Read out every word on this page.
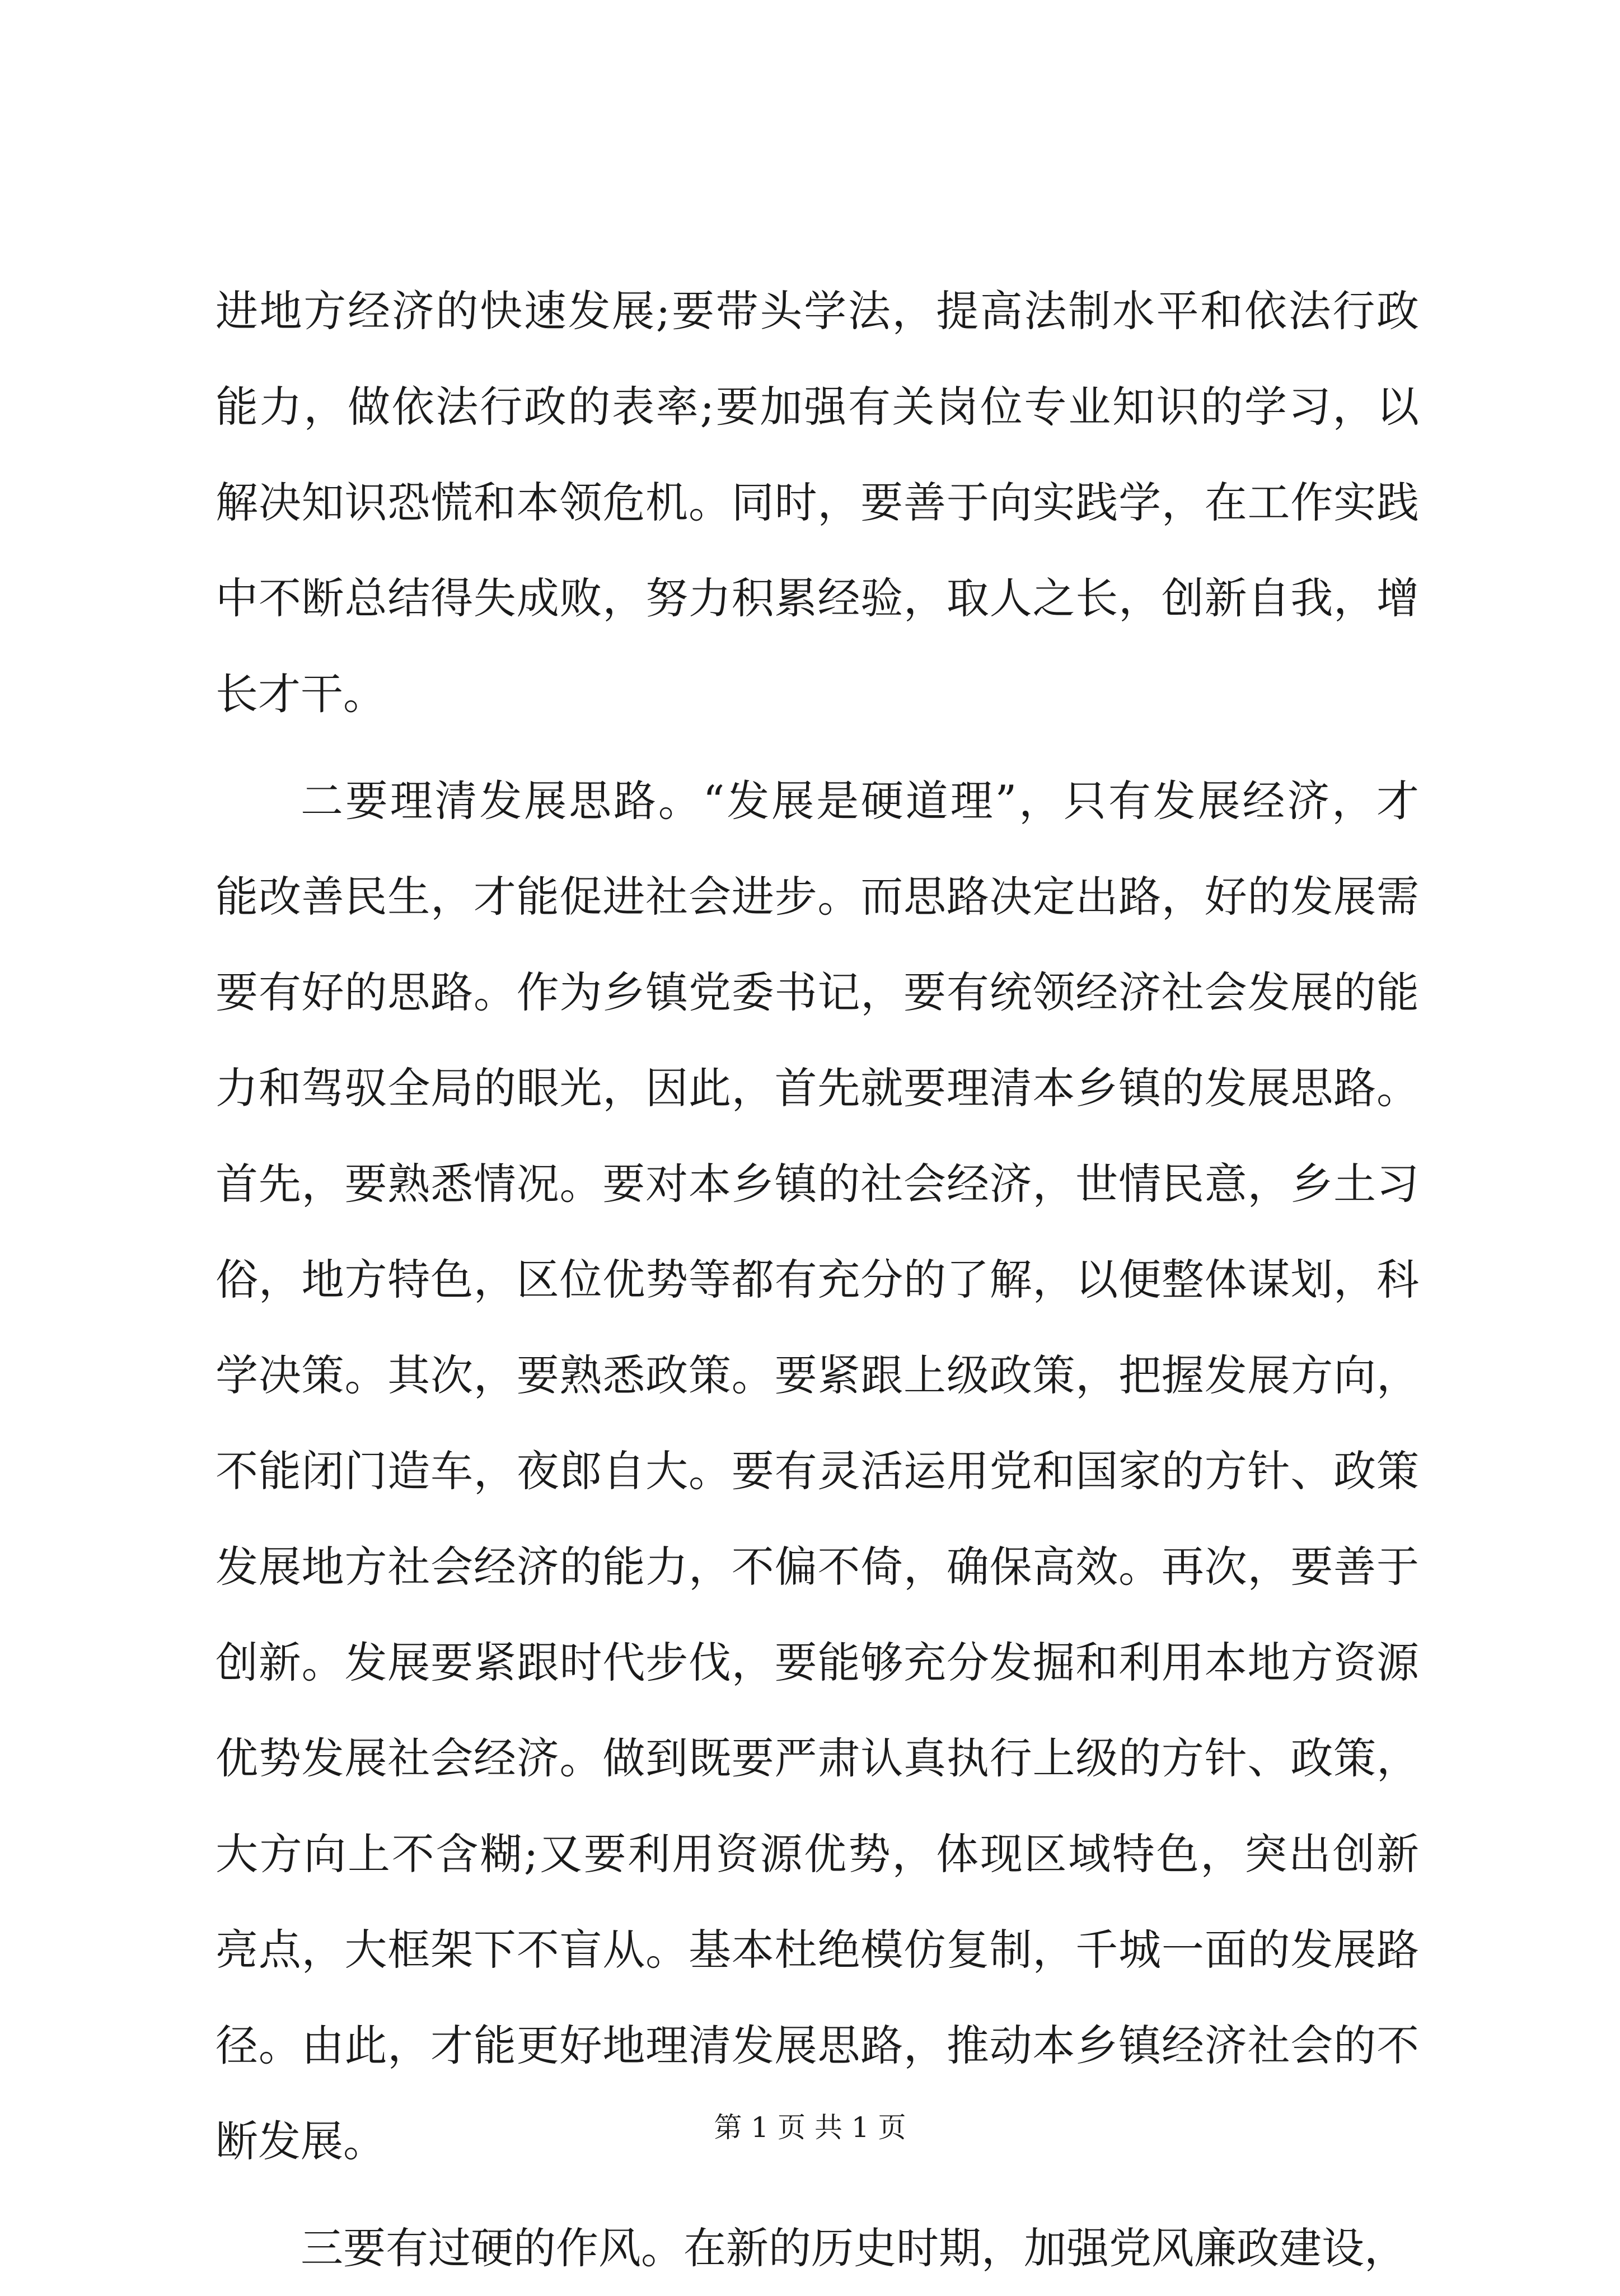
进地方经济的快速发展;要带头学法，提高法制水平和依法行政
能力，做依法行政的表率;要加强有关岗位专业知识的学习，以
解决知识恐慌和本领危机。同时，要善于向实践学，在工作实践
中不断总结得失成败，努力积累经验，取人之长，创新自我，增
长才干。
二要理清发展思路。“发展是硬道理”，只有发展经济，才
能改善民生，才能促进社会进步。而思路决定出路，好的发展需
要有好的思路。作为乡镇党委书记，要有统领经济社会发展的能
力和驾驭全局的眼光，因此，首先就要理清本乡镇的发展思路。
首先，要熟悉情况。要对本乡镇的社会经济，世情民意，乡土习
俗，地方特色，区位优势等都有充分的了解，以便整体谋划，科
学决策。其次，要熟悉政策。要紧跟上级政策，把握发展方向，
不能闭门造车，夜郎自大。要有灵活运用党和国家的方针、政策
发展地方社会经济的能力，不偏不倚，确保高效。再次，要善于
创新。发展要紧跟时代步伐，要能够充分发掘和利用本地方资源
优势发展社会经济。做到既要严肃认真执行上级的方针、政策，
大方向上不含糊;又要利用资源优势，体现区域特色，突出创新
亮点，大框架下不盲从。基本杜绝模仿复制，千城一面的发展路
径。由此，才能更好地理清发展思路，推动本乡镇经济社会的不
断发展。
三要有过硬的作风。在新的历史时期，加强党风廉政建设，
第 1 页 共 1 页
